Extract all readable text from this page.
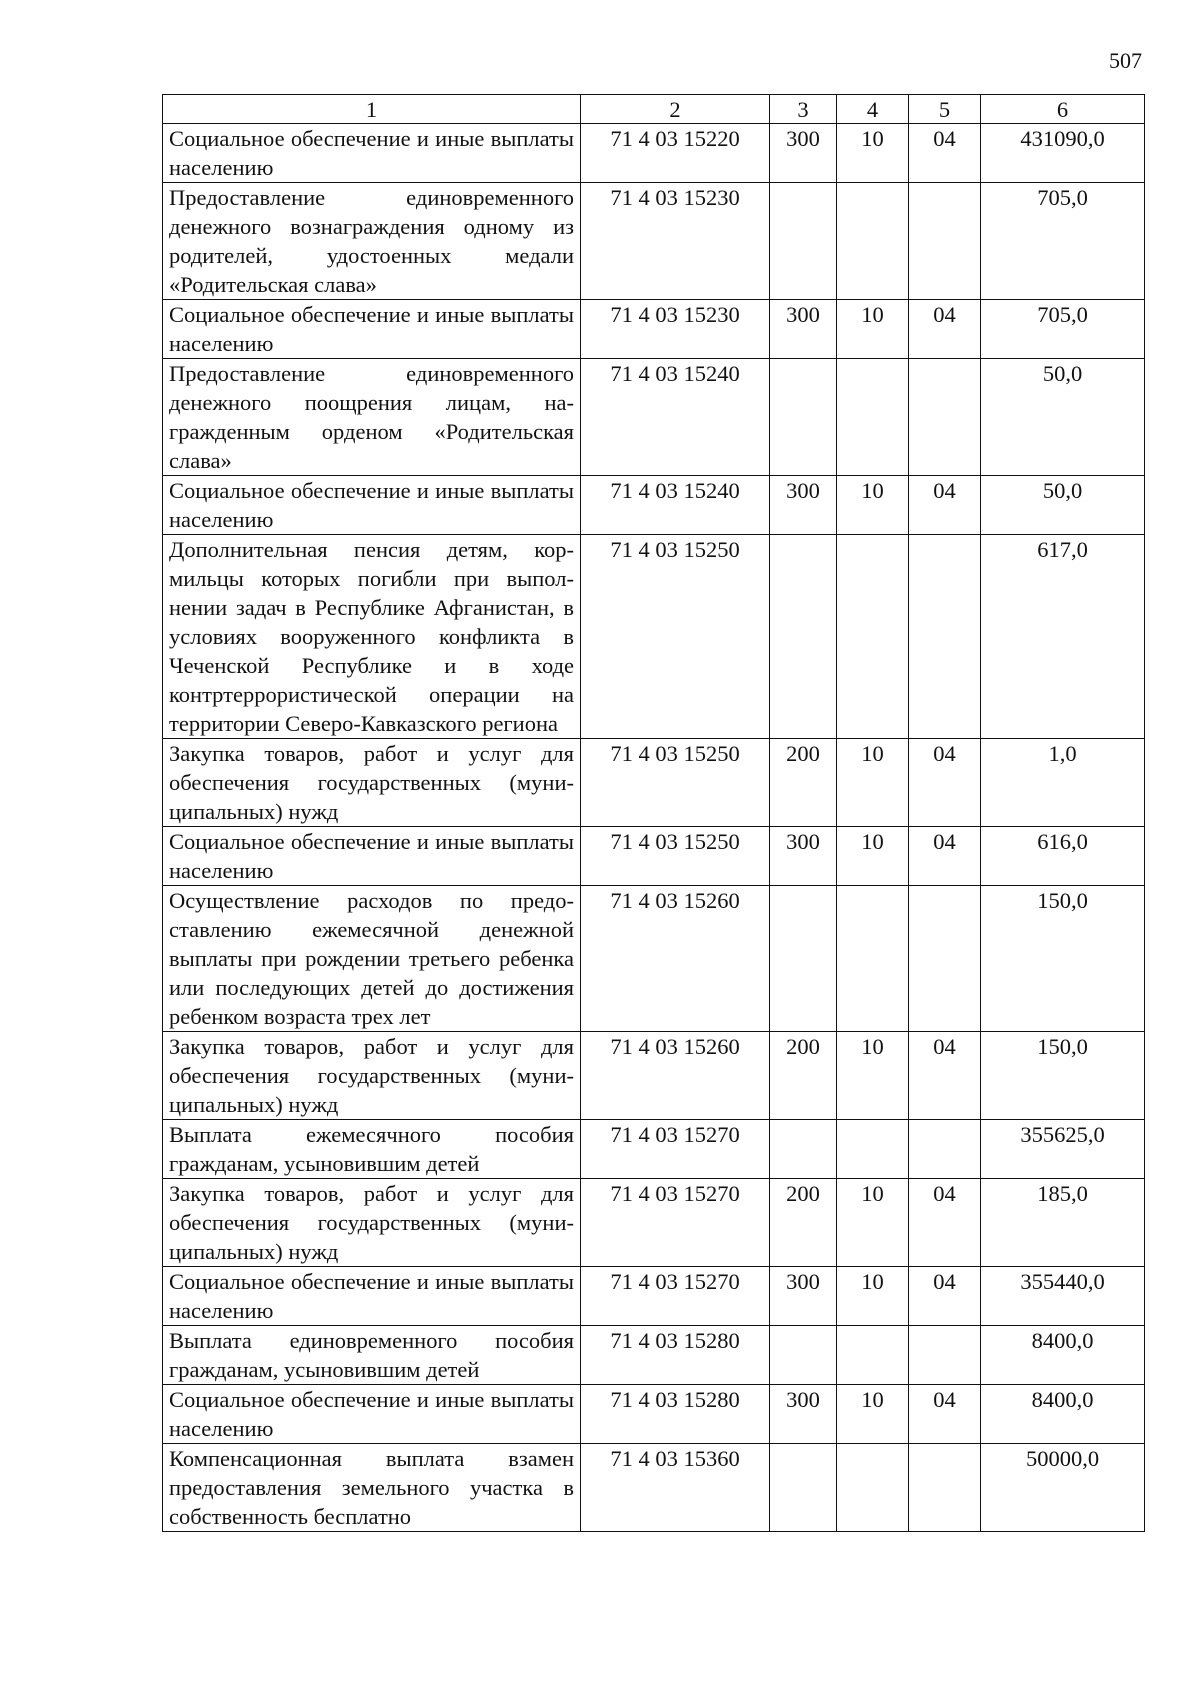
507
1	2	3	4	5	6
Социальное обеспечение и иные выплаты населению	71 4 03 15220	300	10	04	431090,0
Предоставление единовременного денежного вознаграждения одному из родителей, удостоенных медали «Родительская слава»	71 4 03 15230				705,0
Социальное обеспечение и иные выплаты населению	71 4 03 15230	300	10	04	705,0
Предоставление единовременного денежного поощрения лицам, награжденным орденом «Родительская слава»	71 4 03 15240				50,0
Социальное обеспечение и иные выплаты населению	71 4 03 15240	300	10	04	50,0
Дополнительная пенсия детям, кормильцы которых погибли при выполнении задач в Республике Афганистан, в условиях вооруженного конфликта в Чеченской Республике и в ходе контртеррористической операции на территории Северо-Кавказского региона	71 4 03 15250				617,0
Закупка товаров, работ и услуг для обеспечения государственных (муниципальных) нужд	71 4 03 15250	200	10	04	1,0
Социальное обеспечение и иные выплаты населению	71 4 03 15250	300	10	04	616,0
Осуществление расходов по предоставлению ежемесячной денежной выплаты при рождении третьего ребенка или последующих детей до достижения ребенком возраста трех лет	71 4 03 15260				150,0
Закупка товаров, работ и услуг для обеспечения государственных (муниципальных) нужд	71 4 03 15260	200	10	04	150,0
Выплата ежемесячного пособия гражданам, усыновившим детей	71 4 03 15270				355625,0
Закупка товаров, работ и услуг для обеспечения государственных (муниципальных) нужд	71 4 03 15270	200	10	04	185,0
Социальное обеспечение и иные выплаты населению	71 4 03 15270	300	10	04	355440,0
Выплата единовременного пособия гражданам, усыновившим детей	71 4 03 15280				8400,0
Социальное обеспечение и иные выплаты населению	71 4 03 15280	300	10	04	8400,0
Компенсационная выплата взамен предоставления земельного участка в собственность бесплатно	71 4 03 15360				50000,0
